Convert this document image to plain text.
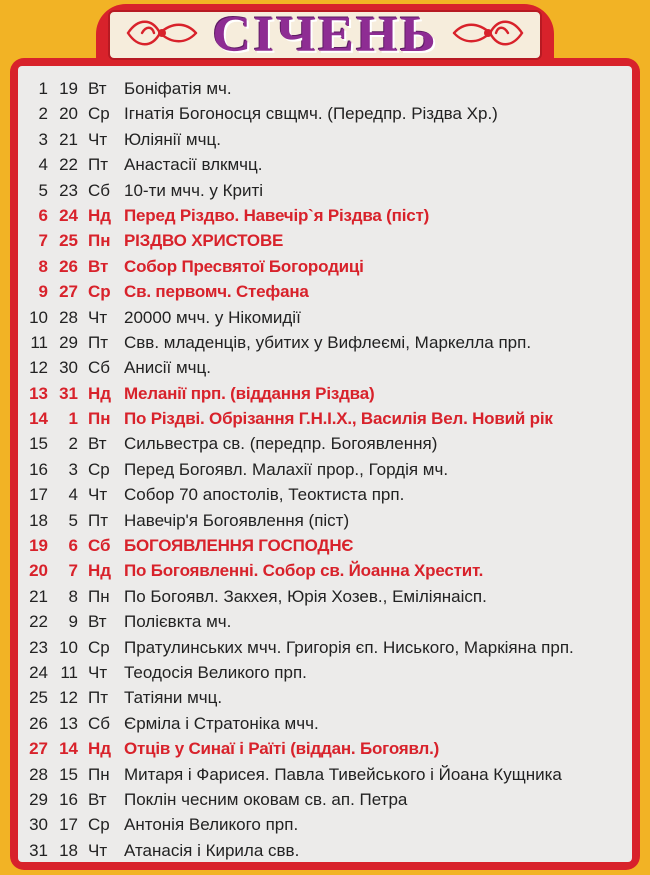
СІЧЕНЬ
1 19 Вт	Боніфатія мч.
2 20 Ср Ігнатія Богоносця свщмч. (Передпр. Різдва Хр.)
3 21 Чт Юліянії мчц.
4 22 Пт Анастасії влкмчц.
5 23 Сб 10-ти мчч. у Криті
6 24 Нд Перед Різдво. Навечір`я Різдва (піст)
7 25 Пн РІЗДВО ХРИСТОВЕ
8 26 Вт Собор Пресвятої Богородиці
9 27 Ср Св. первомч. Стефана
10 28 Чт 20000 мчч. у Нікомидії
11 29 Пт Свв. младенців, убитих у Вифлеємі, Маркелла прп.
12 30 Сб Анисії мчц.
13 31 Нд Меланії прп. (віддання Різдва)
14	1 Пн По Різдві. Обрізання Г.Н.І.Х., Василія Вел. Новий рік
15	2 Вт	Сильвестра св. (передпр. Богоявлення)
16	3 Ср Перед Богоявл. Малахії прор., Гордія мч.
17	4 Чт Собор 70 апостолів, Теоктиста прп.
18	5 Пт Навечір'я Богоявлення (піст)
19	6 Сб БОГОЯВЛЕННЯ ГОСПОДНЄ
20	7 Нд По Богоявленні. Собор св. Йоанна Хрестит.
21	8 Пн По Богоявл. Закхея, Юрія Хозев., Еміліянаісп.
22	9 Вт	Полієвкта мч.
23 10 Ср Пратулинських мчч. Григорія єп. Ниського, Маркіяна прп.
24 11 Чт Теодосія Великого прп.
25 12 Пт Татіяни мчц.
26 13 Сб Єрміла і Стратоніка мчч.
27 14 Нд Отців у Синаї і Раїті (віддан. Богоявл.)
28 15 Пн Митаря і Фарисея. Павла Тивейського і Йоана Кущника
29 16 Вт	Поклін чесним оковам св. ап. Петра
30 17 Ср Антонія Великого прп.
31 18 Чт Атанасія і Кирила свв.
